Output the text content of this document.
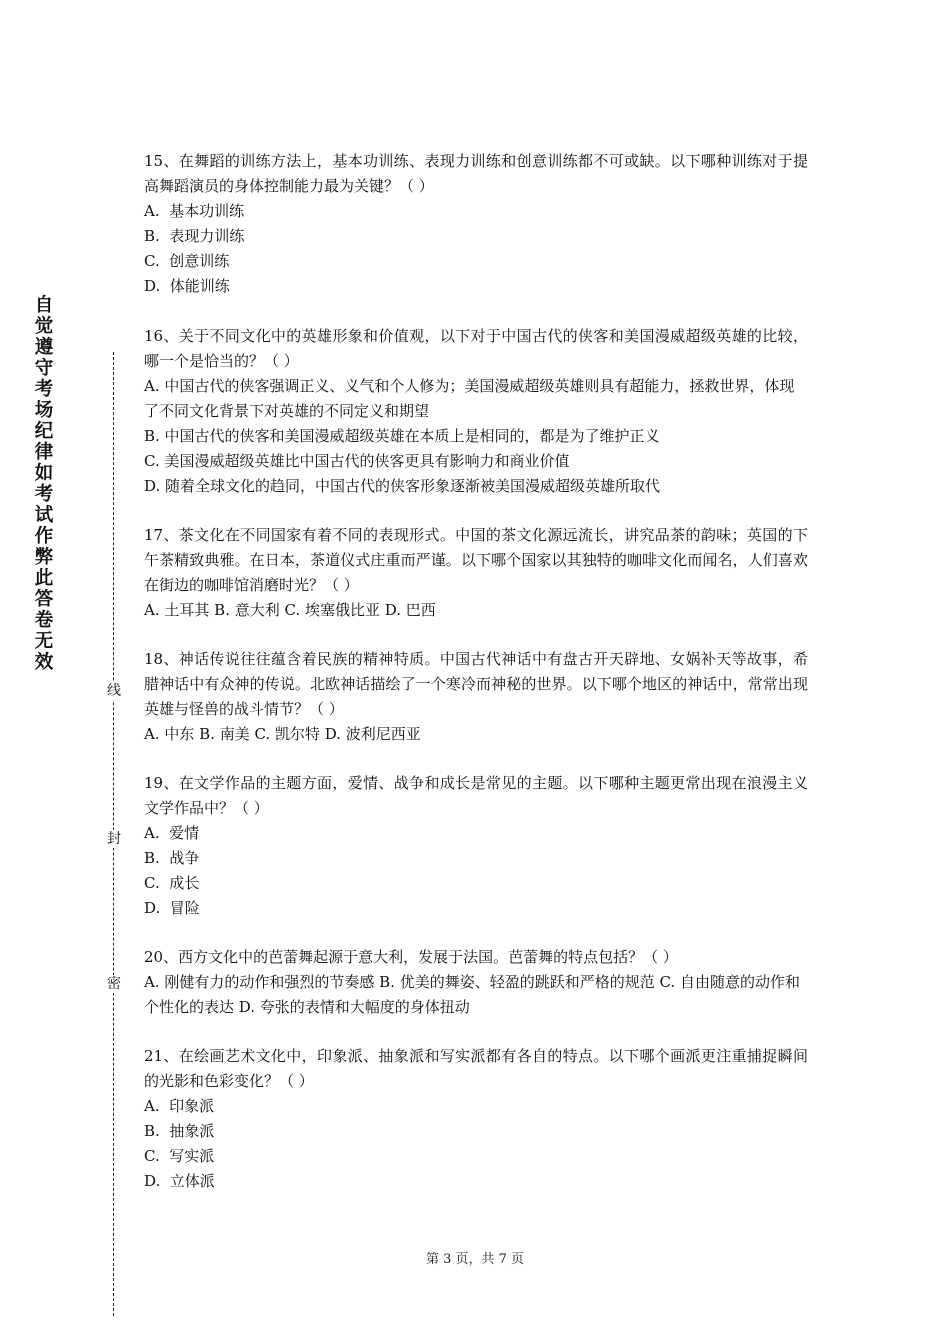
自觉遵守考场纪律如考试作弊此答卷无效
线
封
密

15、在舞蹈的训练方法上，基本功训练、表现力训练和创意训练都不可或缺。以下哪种训练对于提高舞蹈演员的身体控制能力最为关键？（ ）

A.  基本功训练

B.  表现力训练

C.  创意训练

D.  体能训练

16、关于不同文化中的英雄形象和价值观，以下对于中国古代的侠客和美国漫威超级英雄的比较，哪一个是恰当的？（ ）

A. 中国古代的侠客强调正义、义气和个人修为；美国漫威超级英雄则具有超能力，拯救世界，体现了不同文化背景下对英雄的不同定义和期望

B. 中国古代的侠客和美国漫威超级英雄在本质上是相同的，都是为了维护正义

C. 美国漫威超级英雄比中国古代的侠客更具有影响力和商业价值

D. 随着全球文化的趋同，中国古代的侠客形象逐渐被美国漫威超级英雄所取代

17、茶文化在不同国家有着不同的表现形式。中国的茶文化源远流长，讲究品茶的韵味；英国的下午茶精致典雅。在日本，茶道仪式庄重而严谨。以下哪个国家以其独特的咖啡文化而闻名，人们喜欢在街边的咖啡馆消磨时光？（ ）

A. 土耳其 B. 意大利 C. 埃塞俄比亚 D. 巴西

18、神话传说往往蕴含着民族的精神特质。中国古代神话中有盘古开天辟地、女娲补天等故事，希腊神话中有众神的传说。北欧神话描绘了一个寒冷而神秘的世界。以下哪个地区的神话中，常常出现英雄与怪兽的战斗情节？（ ）

A. 中东 B. 南美 C. 凯尔特 D. 波利尼西亚

19、在文学作品的主题方面，爱情、战争和成长是常见的主题。以下哪种主题更常出现在浪漫主义文学作品中？（ ）

A.  爱情

B.  战争

C.  成长

D.  冒险

20、西方文化中的芭蕾舞起源于意大利，发展于法国。芭蕾舞的特点包括？（ ）

A. 刚健有力的动作和强烈的节奏感 B. 优美的舞姿、轻盈的跳跃和严格的规范 C. 自由随意的动作和个性化的表达 D. 夸张的表情和大幅度的身体扭动

21、在绘画艺术文化中，印象派、抽象派和写实派都有各自的特点。以下哪个画派更注重捕捉瞬间的光影和色彩变化？（ ）

A.  印象派

B.  抽象派

C.  写实派

D.  立体派

第 3 页，共 7 页
